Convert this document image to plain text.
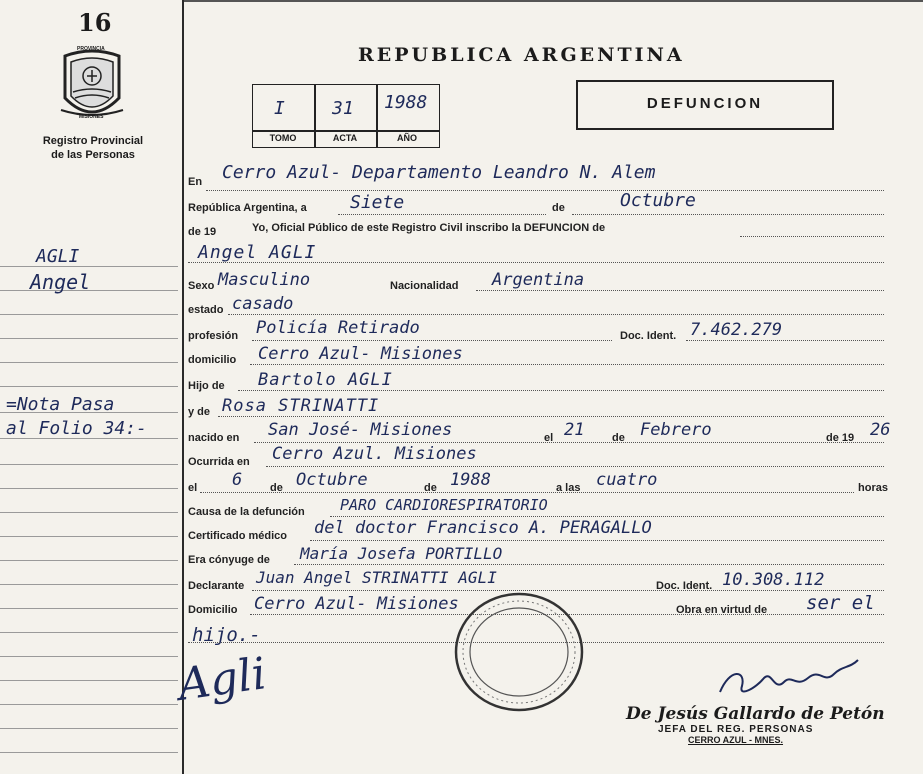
16
PROVINCIA
MISIONES
Registro Provincial
de las Personas
AGLI
Angel
=Nota Pasa
al Folio 34:-
REPUBLICA ARGENTINA
DEFUNCION
I	31 1988
TOMO	ACTA	AÑO
En Cerro Azul- Departamento Leandro N. Alem
República Argentina, a Siete	de	Octubre
de 19	Yo, Oficial Público de este Registro Civil inscribo la DEFUNCION de
Angel AGLI
Sexo Masculino	Nacionalidad Argentina
estado casado
profesión Policía Retirado	Doc. Ident. 7.462.279
domicilio Cerro Azul- Misiones
Hijo de Bartolo AGLI
y de Rosa STRINATTI
nacido en San José- Misiones	el 21	de Febrero	de 19 26
Ocurrida en Cerro Azul. Misiones
el 6	de Octubre	de 1988	a las cuatro	horas
Causa de la defunción PARO CARDIORESPIRATORIO
Certificado médico del doctor Francisco A. PERAGALLO
Era cónyuge de María Josefa PORTILLO
Declarante Juan Angel STRINATTI AGLI	Doc. Ident. 10.308.112
Domicilio Cerro Azul- Misiones	Obra en virtud de ser el
hijo.-
Agli
De Jesús Gallardo de Petón
JEFA DEL REG. PERSONAS
CERRO AZUL - MNES.
